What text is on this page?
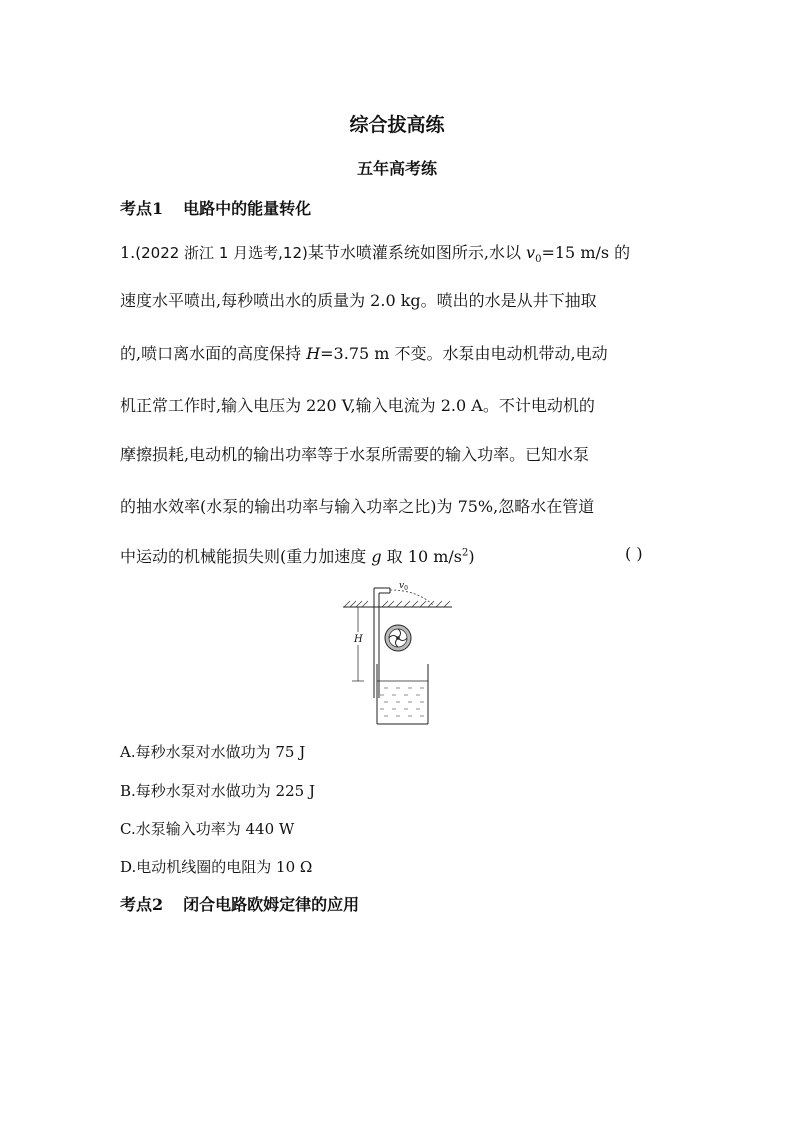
综合拔高练
五年高考练
考点1 电路中的能量转化
1.(2022 浙江 1 月选考,12)某节水喷灌系统如图所示,水以 $v_0=15$ m/s 的
速度水平喷出,每秒喷出水的质量为 2.0 kg。喷出的水是从井下抽取
的,喷口离水面的高度保持 H=3.75 m 不变。水泵由电动机带动,电动
机正常工作时,输入电压为 220 V,输入电流为 2.0 A。不计电动机的
摩擦损耗,电动机的输出功率等于水泵所需要的输入功率。已知水泵
的抽水效率(水泵的输出功率与输入功率之比)为 75%,忽略水在管道
中运动的机械能损失则(重力加速度 g 取 10 $m/s^2$)	( )
$v_0$
H
A.每秒水泵对水做功为 75 J
B.每秒水泵对水做功为 225 J
C.水泵输入功率为 440 W
D.电动机线圈的电阻为 10 Ω
考点2 闭合电路欧姆定律的应用
